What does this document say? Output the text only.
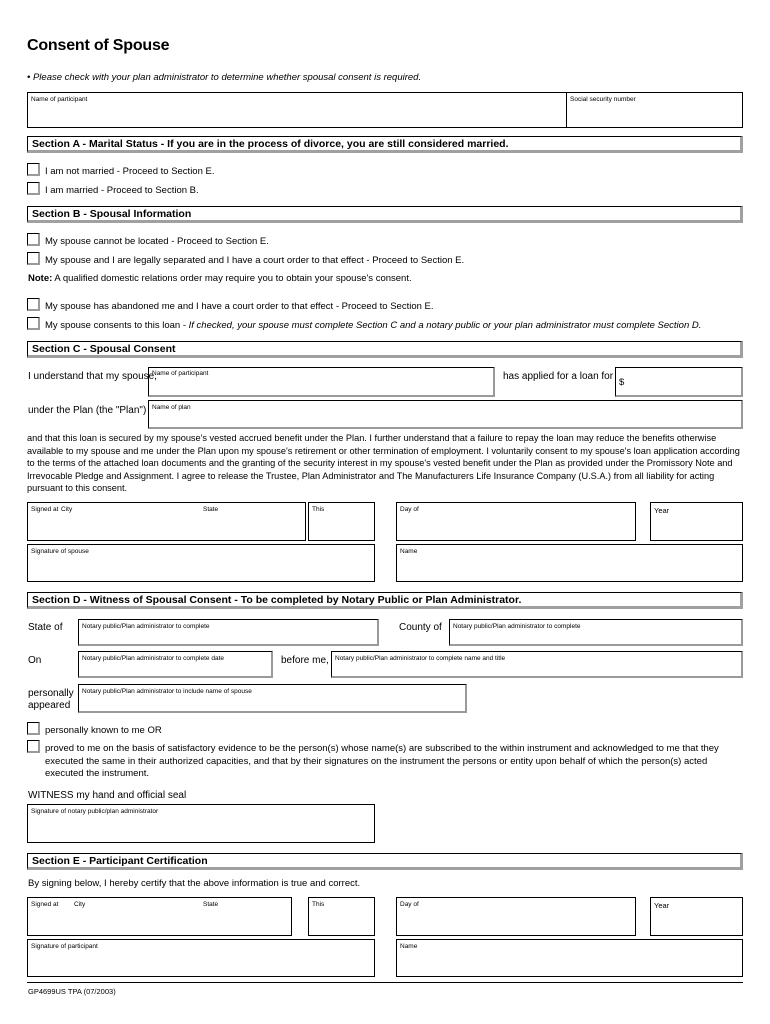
Consent of Spouse
• Please check with your plan administrator to determine whether spousal consent is required.
Name of participant	Social security number
Section A - Marital Status - If you are in the process of divorce, you are still considered married.
I am not married - Proceed to Section E.
I am married - Proceed to Section B.
Section B - Spousal Information
My spouse cannot be located - Proceed to Section E.
My spouse and I are legally separated and I have a court order to that effect - Proceed to Section E.
Note: A qualified domestic relations order may require you to obtain your spouse's consent.
My spouse has abandoned me and I have a court order to that effect - Proceed to Section E.
My spouse consents to this loan - If checked, your spouse must complete Section C and a notary public or your plan administrator must complete Section D.
Section C - Spousal Consent
I understand that my spouse,
Name of participant	has applied for a loan for
$
under the Plan (the "Plan") Name of plan
and that this loan is secured by my spouse's vested accrued benefit under the Plan. I further understand that a failure to repay the loan may reduce the benefits otherwise available to my spouse and me under the Plan upon my spouse's retirement or other termination of employment. I voluntarily consent to my spouse's loan application according to the terms of the attached loan documents and the granting of the security interest in my spouse's vested benefit under the Plan as provided under the Promissory Note and Irrevocable Pledge and Assignment. I agree to release the Trustee, Plan Administrator and The Manufacturers Life Insurance Company (U.S.A.) from all liability for acting pursuant to this consent.
Signed at City	State	This	Day of	Year
Signature of spouse	Name
Section D - Witness of Spousal Consent - To be completed by Notary Public or Plan Administrator.
State of	Notary public/Plan administrator to complete	County of Notary public/Plan administrator to complete
On	Notary public/Plan administrator to complete date	before me, Notary public/Plan administrator to complete name and title
personally
appeared
Notary public/Plan administrator to include name of spouse
personally known to me OR
proved to me on the basis of satisfactory evidence to be the person(s) whose name(s) are subscribed to the within instrument and acknowledged to me that they executed the same in their authorized capacities, and that by their signatures on the instrument the persons or entity upon behalf of which the person(s) acted executed the instrument.
WITNESS my hand and official seal
Signature of notary public/plan administrator
Section E - Participant Certification
By signing below, I hereby certify that the above information is true and correct.
Signed at City	State	This	Day of	Year
Signature of participant	Name
GP4699US TPA (07/2003)
